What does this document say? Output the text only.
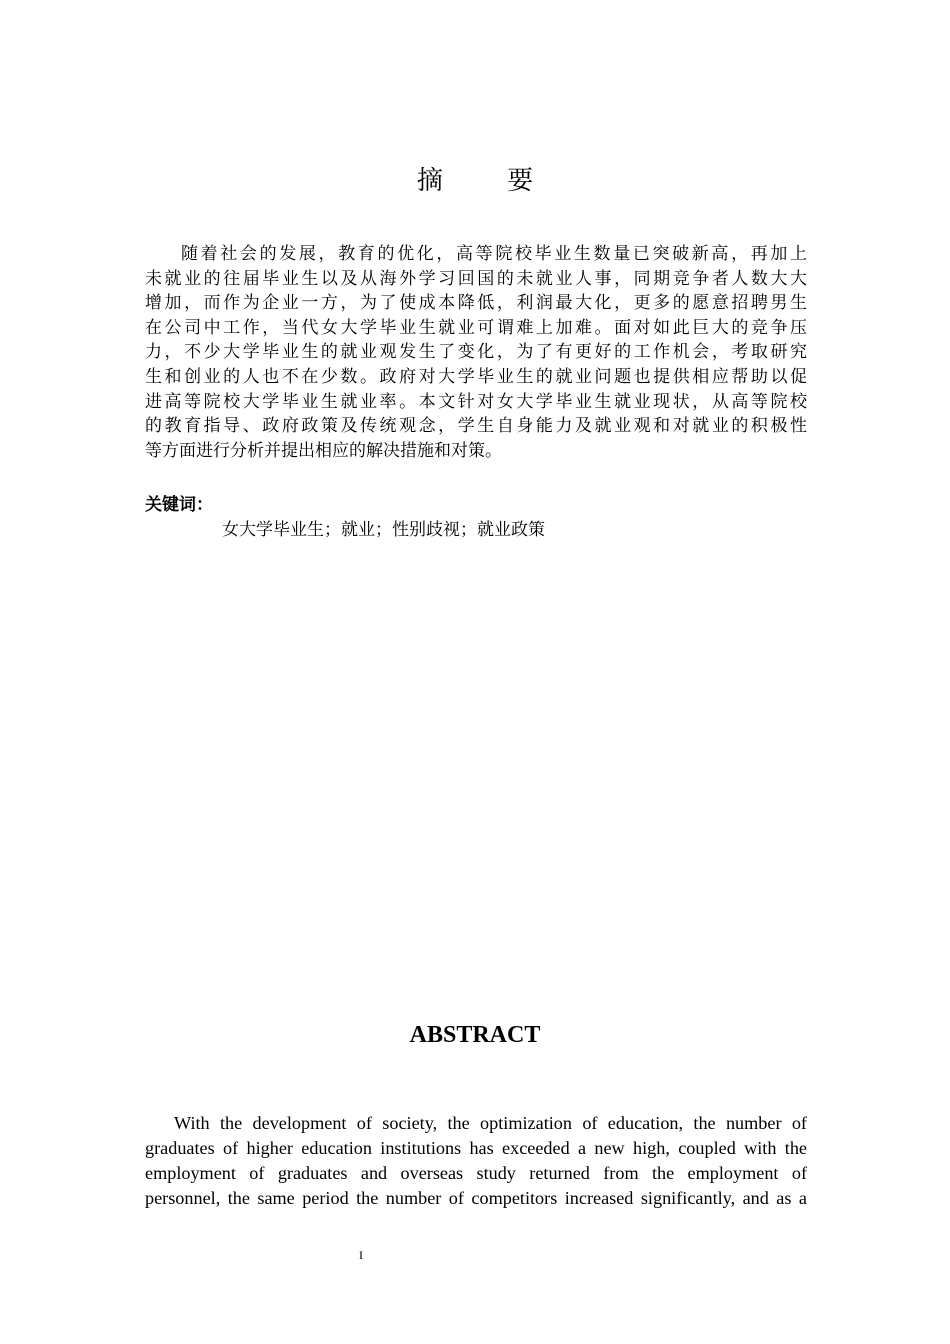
摘 要
随着社会的发展，教育的优化，高等院校毕业生数量已突破新高，再加上
未就业的往届毕业生以及从海外学习回国的未就业人事，同期竞争者人数大大
增加，而作为企业一方，为了使成本降低，利润最大化，更多的愿意招聘男生
在公司中工作，当代女大学毕业生就业可谓难上加难。面对如此巨大的竞争压
力，不少大学毕业生的就业观发生了变化，为了有更好的工作机会，考取研究
生和创业的人也不在少数。政府对大学毕业生的就业问题也提供相应帮助以促
进高等院校大学毕业生就业率。本文针对女大学毕业生就业现状，从高等院校
的教育指导、政府政策及传统观念，学生自身能力及就业观和对就业的积极性
等方面进行分析并提出相应的解决措施和对策。
关键词：
女大学毕业生；就业；性别歧视；就业政策
ABSTRACT
With the development of society, the optimization of education, the number of
graduates of higher education institutions has exceeded a new high, coupled with the
employment of graduates and overseas study returned from the employment of
personnel, the same period the number of competitors increased significantly, and as a
I
